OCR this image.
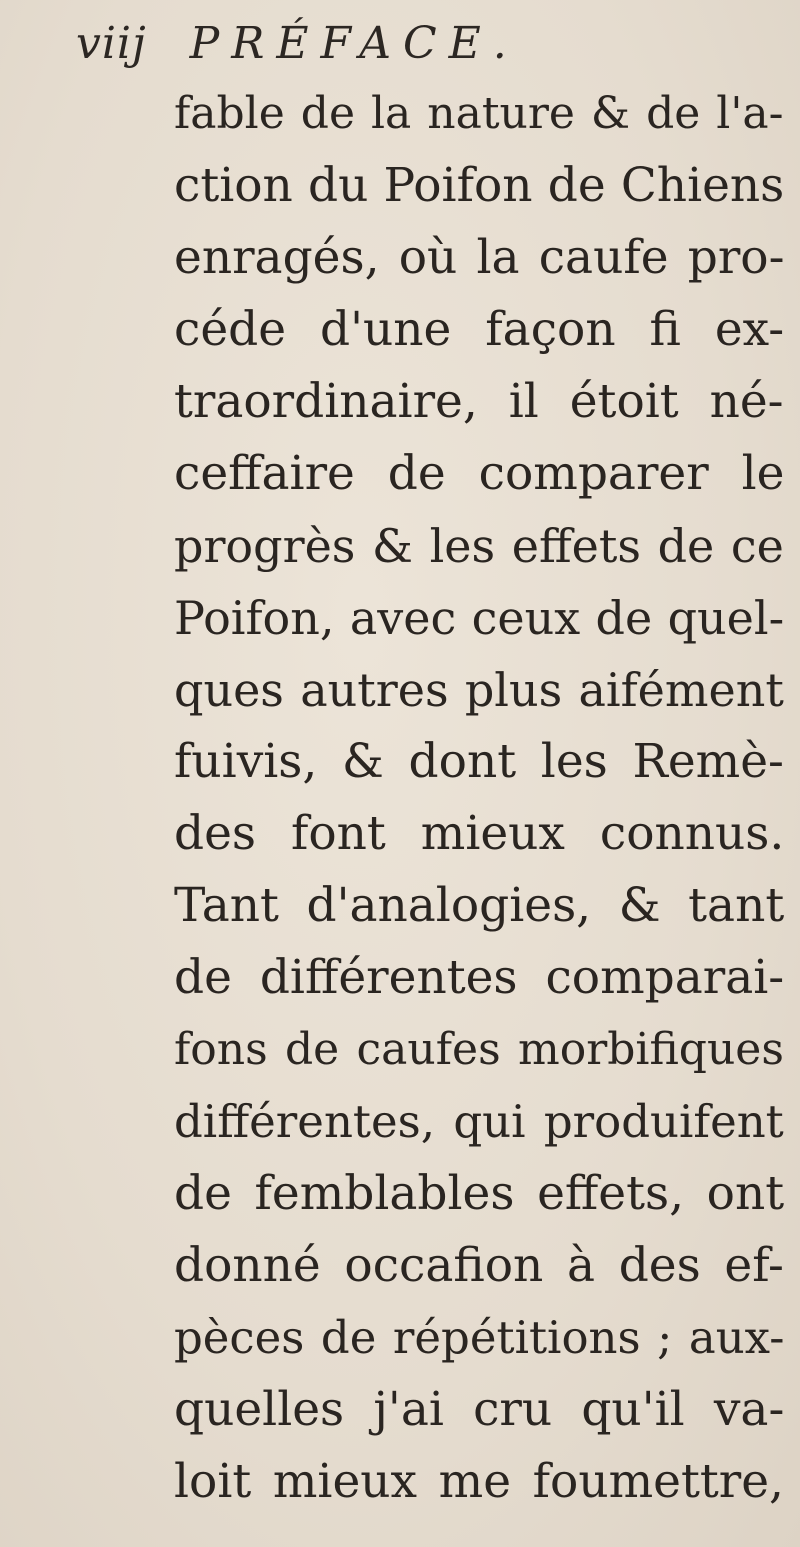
viij PRÉFACE.
fable de la nature & de l'a-
ction du Poifon de Chiens
enragés, où la caufe pro-
céde d'une façon fi ex-
traordinaire, il étoit né-
ceffaire de comparer le
progrès & les effets de ce
Poifon, avec ceux de quel-
ques autres plus aifément
fuivis, & dont les Remè-
des font mieux connus.
Tant d'analogies, & tant
de différentes comparai-
fons de caufes morbifiques
différentes, qui produifent
de femblables effets, ont
donné occafion à des ef-
pèces de répétitions ; aux-
quelles j'ai cru qu'il va-
loit mieux me foumettre,
